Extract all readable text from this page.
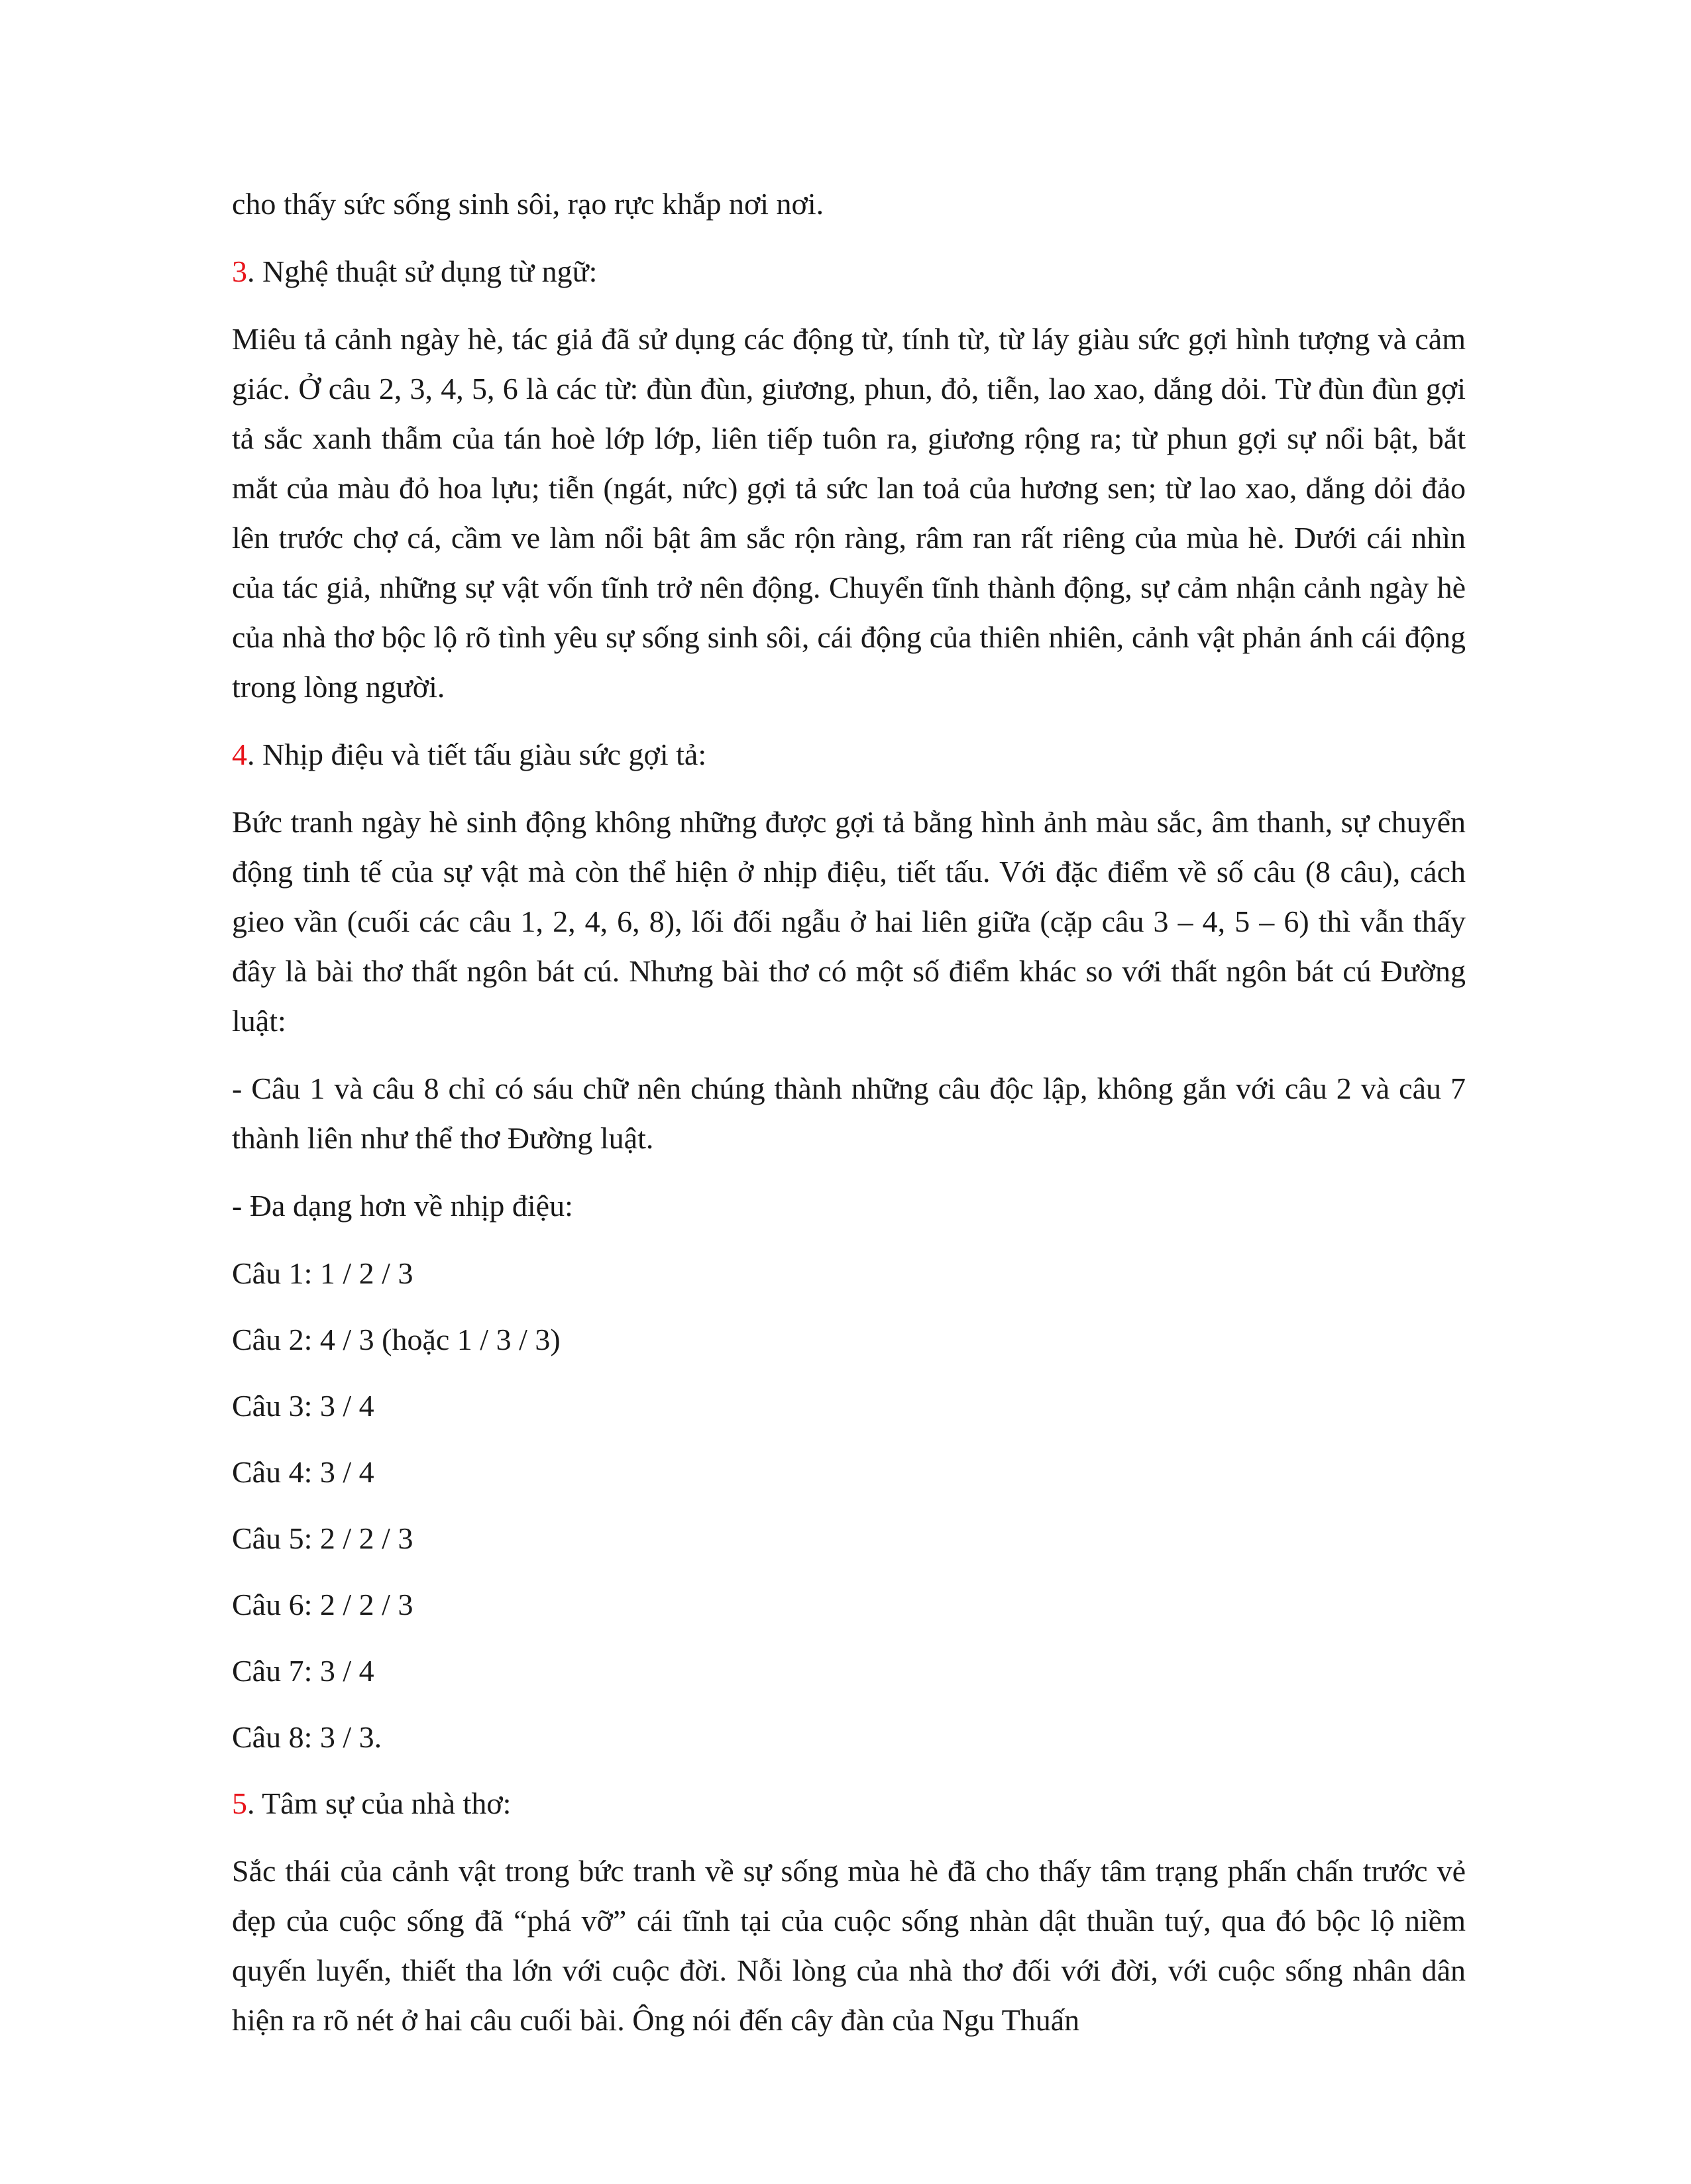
cho thấy sức sống sinh sôi, rạo rực khắp nơi nơi.

3. Nghệ thuật sử dụng từ ngữ:

Miêu tả cảnh ngày hè, tác giả đã sử dụng các động từ, tính từ, từ láy giàu sức gợi hình tượng và cảm giác. Ở câu 2, 3, 4, 5, 6 là các từ: đùn đùn, giương, phun, đỏ, tiễn, lao xao, dắng dỏi. Từ đùn đùn gợi tả sắc xanh thẫm của tán hoè lớp lớp, liên tiếp tuôn ra, giương rộng ra; từ phun gợi sự nổi bật, bắt mắt của màu đỏ hoa lựu; tiễn (ngát, nức) gợi tả sức lan toả của hương sen; từ lao xao, dắng dỏi đảo lên trước chợ cá, cầm ve làm nổi bật âm sắc rộn ràng, râm ran rất riêng của mùa hè. Dưới cái nhìn của tác giả, những sự vật vốn tĩnh trở nên động. Chuyển tĩnh thành động, sự cảm nhận cảnh ngày hè của nhà thơ bộc lộ rõ tình yêu sự sống sinh sôi, cái động của thiên nhiên, cảnh vật phản ánh cái động trong lòng người.

4. Nhịp điệu và tiết tấu giàu sức gợi tả:

Bức tranh ngày hè sinh động không những được gợi tả bằng hình ảnh màu sắc, âm thanh, sự chuyển động tinh tế của sự vật mà còn thể hiện ở nhịp điệu, tiết tấu. Với đặc điểm về số câu (8 câu), cách gieo vần (cuối các câu 1, 2, 4, 6, 8), lối đối ngẫu ở hai liên giữa (cặp câu 3 – 4, 5 – 6) thì vẫn thấy đây là bài thơ thất ngôn bát cú. Nhưng bài thơ có một số điểm khác so với thất ngôn bát cú Đường luật:

- Câu 1 và câu 8 chỉ có sáu chữ nên chúng thành những câu độc lập, không gắn với câu 2 và câu 7 thành liên như thể thơ Đường luật.

- Đa dạng hơn về nhịp điệu:

Câu 1: 1 / 2 / 3

Câu 2: 4 / 3 (hoặc 1 / 3 / 3)

Câu 3: 3 / 4

Câu 4: 3 / 4

Câu 5: 2 / 2 / 3

Câu 6: 2 / 2 / 3

Câu 7: 3 / 4

Câu 8: 3 / 3.

5. Tâm sự của nhà thơ:

Sắc thái của cảnh vật trong bức tranh về sự sống mùa hè đã cho thấy tâm trạng phấn chấn trước vẻ đẹp của cuộc sống đã “phá vỡ” cái tĩnh tại của cuộc sống nhàn dật thuần tuý, qua đó bộc lộ niềm quyến luyến, thiết tha lớn với cuộc đời. Nỗi lòng của nhà thơ đối với đời, với cuộc sống nhân dân hiện ra rõ nét ở hai câu cuối bài. Ông nói đến cây đàn của Ngu Thuấn
